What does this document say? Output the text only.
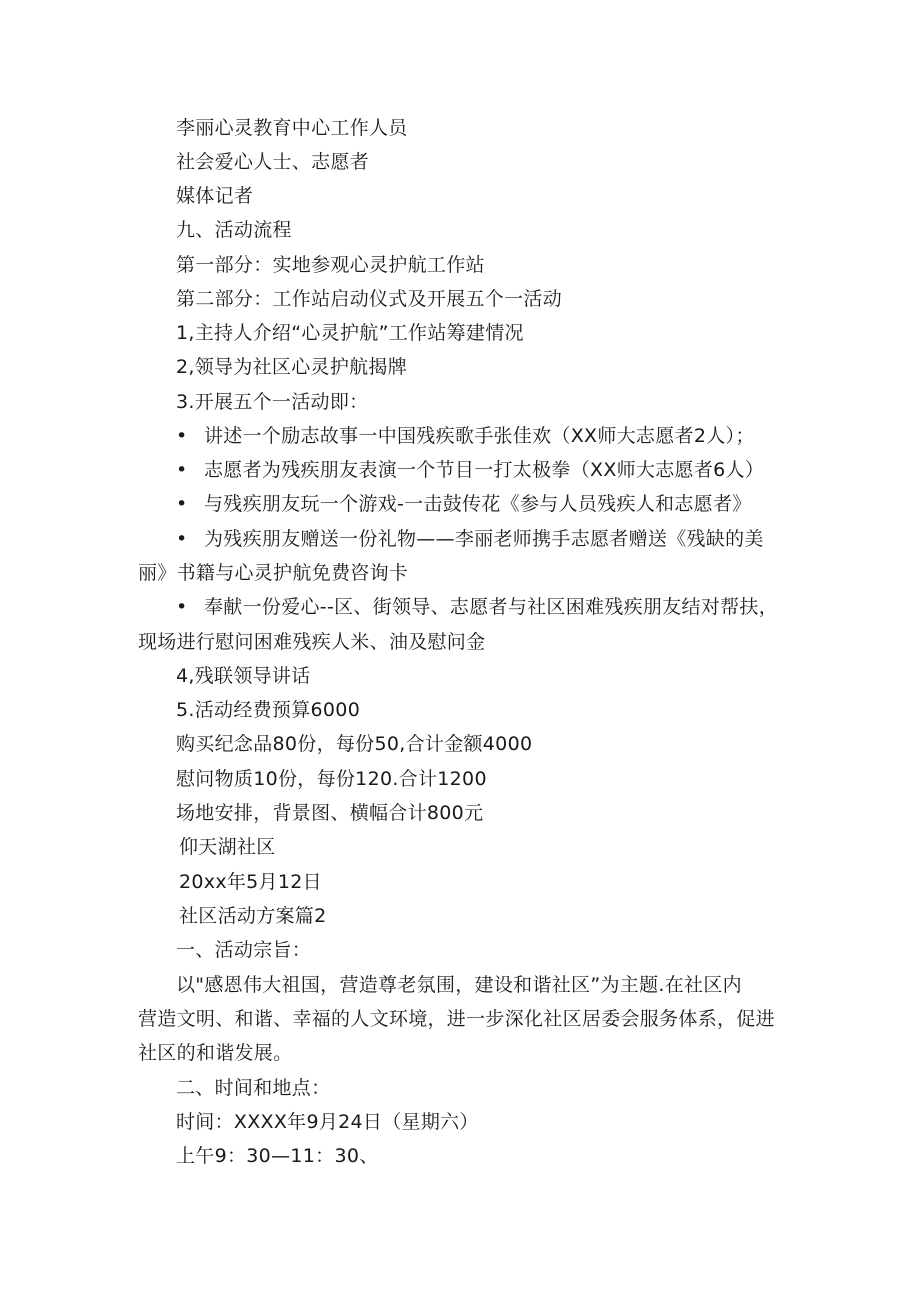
李丽心灵教育中心工作人员
社会爱心人士、志愿者
媒体记者
九、活动流程
第一部分：实地参观心灵护航工作站
第二部分：工作站启动仪式及开展五个一活动
1,主持人介绍“心灵护航”工作站筹建情况
2,领导为社区心灵护航揭牌
3.开展五个一活动即：
• 讲述一个励志故事一中国残疾歌手张佳欢（XX师大志愿者2人）；
• 志愿者为残疾朋友表演一个节目一打太极拳（XX师大志愿者6人）
• 与残疾朋友玩一个游戏-一击鼓传花《参与人员残疾人和志愿者》
• 为残疾朋友赠送一份礼物——李丽老师携手志愿者赠送《残缺的美
丽》书籍与心灵护航免费咨询卡
• 奉献一份爱心--区、街领导、志愿者与社区困难残疾朋友结对帮扶，
现场进行慰问困难残疾人米、油及慰问金
4,残联领导讲话
5.活动经费预算6000
购买纪念品80份，每份50,合计金额4000
慰问物质10份，每份120.合计1200
场地安排，背景图、横幅合计800元
仰天湖社区
20xx年5月12日
社区活动方案篇2
一、活动宗旨：
以"感恩伟大祖国，营造尊老氛围，建设和谐社区”为主题.在社区内
营造文明、和谐、幸福的人文环境，进一步深化社区居委会服务体系，促进
社区的和谐发展。
二、时间和地点：
时间：XXXX年9月24日（星期六）
上午9：30—11：30、
